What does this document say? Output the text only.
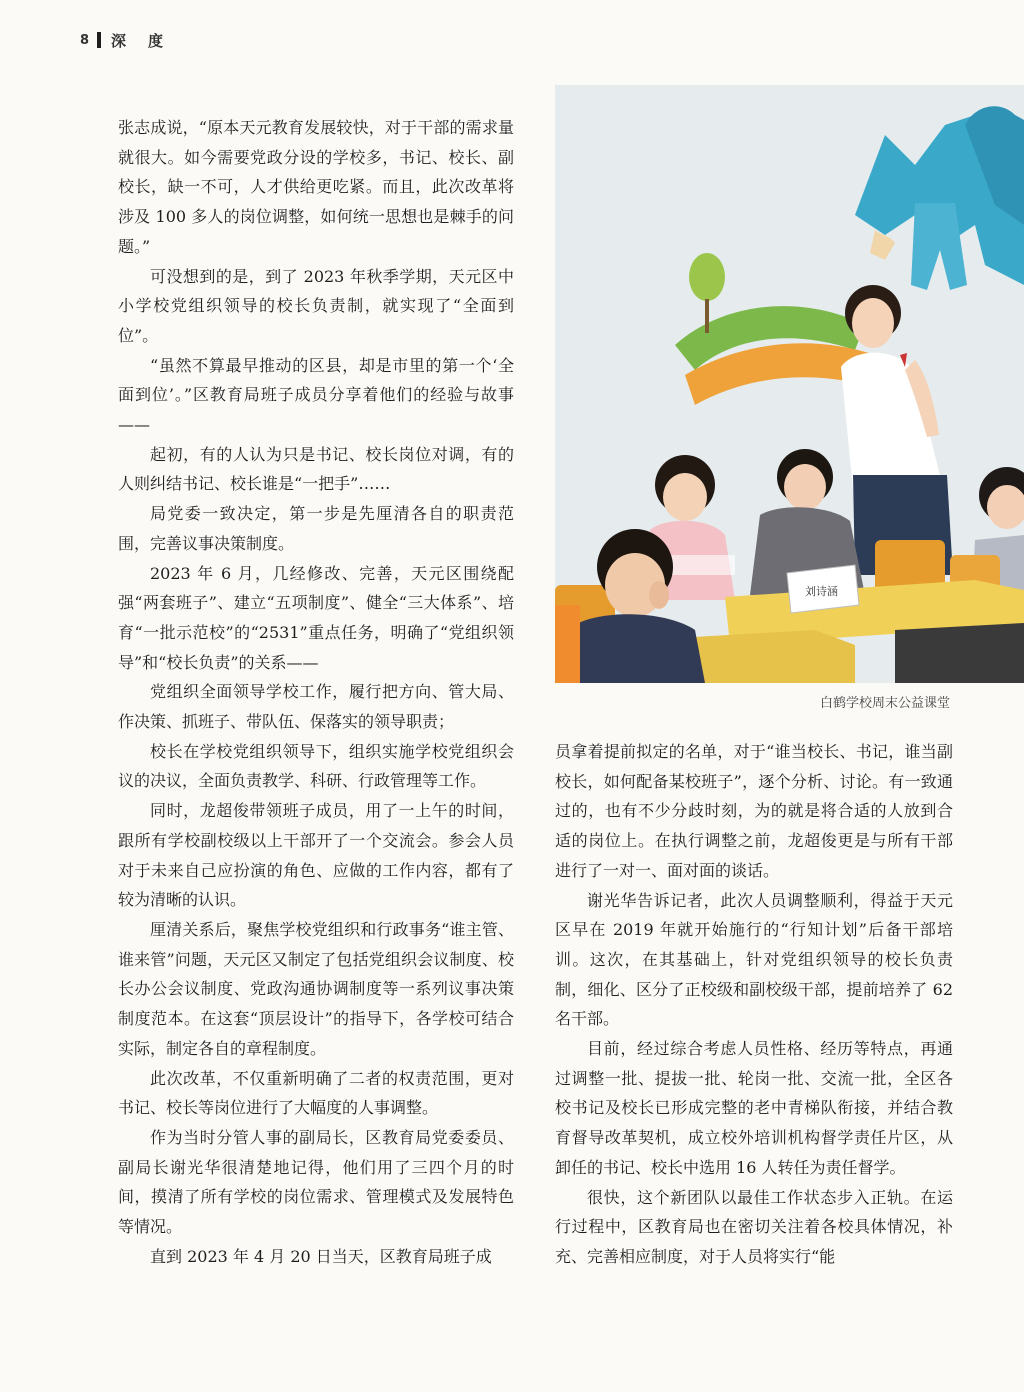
8 深度

张志成说，“原本天元教育发展较快，对于干部的需求量就很大。如今需要党政分设的学校多，书记、校长、副校长，缺一不可，人才供给更吃紧。而且，此次改革将涉及 100 多人的岗位调整，如何统一思想也是棘手的问题。”

可没想到的是，到了 2023 年秋季学期，天元区中小学校党组织领导的校长负责制，就实现了“全面到位”。

“虽然不算最早推动的区县，却是市里的第一个‘全面到位’。”区教育局班子成员分享着他们的经验与故事——

起初，有的人认为只是书记、校长岗位对调，有的人则纠结书记、校长谁是“一把手”……

局党委一致决定，第一步是先厘清各自的职责范围，完善议事决策制度。

2023 年 6 月，几经修改、完善，天元区围绕配强“两套班子”、建立“五项制度”、健全“三大体系”、培育“一批示范校”的“2531”重点任务，明确了“党组织领导”和“校长负责”的关系——

党组织全面领导学校工作，履行把方向、管大局、作决策、抓班子、带队伍、保落实的领导职责；

校长在学校党组织领导下，组织实施学校党组织会议的决议，全面负责教学、科研、行政管理等工作。

同时，龙超俊带领班子成员，用了一上午的时间，跟所有学校副校级以上干部开了一个交流会。参会人员对于未来自己应扮演的角色、应做的工作内容，都有了较为清晰的认识。

厘清关系后，聚焦学校党组织和行政事务“谁主管、谁来管”问题，天元区又制定了包括党组织会议制度、校长办公会议制度、党政沟通协调制度等一系列议事决策制度范本。在这套“顶层设计”的指导下，各学校可结合实际，制定各自的章程制度。

此次改革，不仅重新明确了二者的权责范围，更对书记、校长等岗位进行了大幅度的人事调整。

作为当时分管人事的副局长，区教育局党委委员、副局长谢光华很清楚地记得，他们用了三四个月的时间，摸清了所有学校的岗位需求、管理模式及发展特色等情况。

直到 2023 年 4 月 20 日当天，区教育局班子成

刘诗涵
白鹤学校周末公益课堂

员拿着提前拟定的名单，对于“谁当校长、书记，谁当副校长，如何配备某校班子”，逐个分析、讨论。有一致通过的，也有不少分歧时刻，为的就是将合适的人放到合适的岗位上。在执行调整之前，龙超俊更是与所有干部进行了一对一、面对面的谈话。

谢光华告诉记者，此次人员调整顺利，得益于天元区早在 2019 年就开始施行的“行知计划”后备干部培训。这次，在其基础上，针对党组织领导的校长负责制，细化、区分了正校级和副校级干部，提前培养了 62 名干部。

目前，经过综合考虑人员性格、经历等特点，再通过调整一批、提拔一批、轮岗一批、交流一批，全区各校书记及校长已形成完整的老中青梯队衔接，并结合教育督导改革契机，成立校外培训机构督学责任片区，从卸任的书记、校长中选用 16 人转任为责任督学。

很快，这个新团队以最佳工作状态步入正轨。在运行过程中，区教育局也在密切关注着各校具体情况，补充、完善相应制度，对于人员将实行“能
